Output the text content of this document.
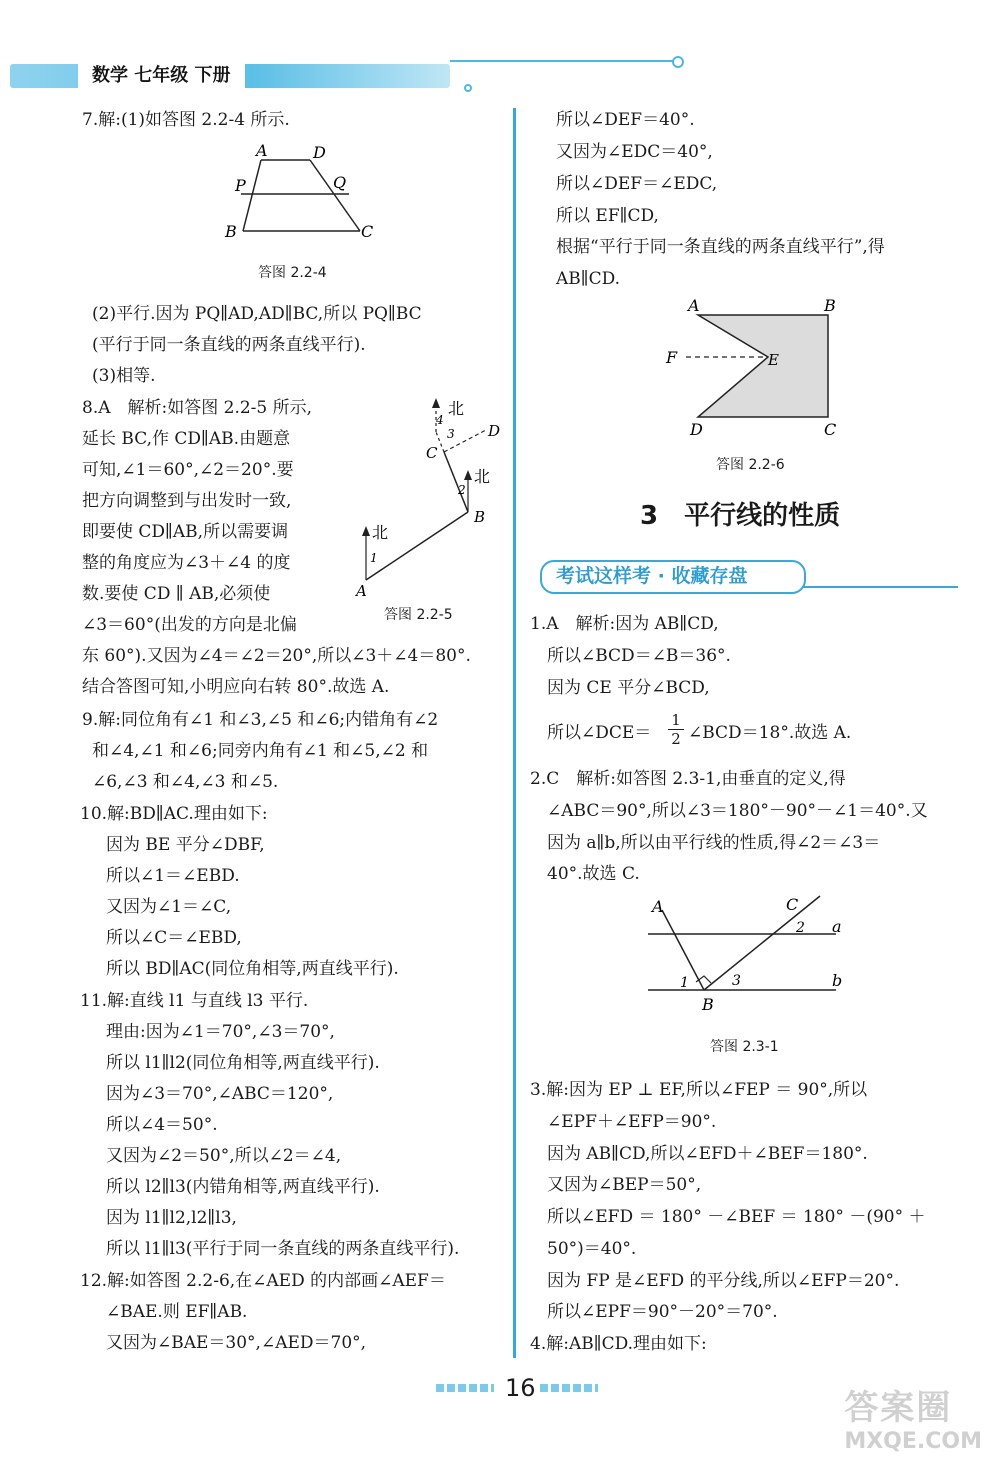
数学 七年级 下册
7.解:(1)如答图 2.2-4 所示.
A	D
P	Q
B	C
答图 2.2-4
(2)平行.因为 PQ∥AD,AD∥BC,所以 PQ∥BC
(平行于同一条直线的两条直线平行).
(3)相等.
8.A　解析:如答图 2.2-5 所示,
延长 BC,作 CD∥AB.由题意
可知,∠1＝60°,∠2＝20°.要
把方向调整到与出发时一致,
即要使 CD∥AB,所以需要调
整的角度应为∠3＋∠4 的度
数.要使 CD ∥ AB,必须使
∠3＝60°(出发的方向是北偏
东 60°).又因为∠4＝∠2＝20°,所以∠3＋∠4＝80°.
结合答图可知,小明应向右转 80°.故选 A.
北
北
北
A
B
C
D
1
2
3
4
答图 2.2-5
9.解:同位角有∠1 和∠3,∠5 和∠6;内错角有∠2
和∠4,∠1 和∠6;同旁内角有∠1 和∠5,∠2 和
∠6,∠3 和∠4,∠3 和∠5.
10.解:BD∥AC.理由如下:
因为 BE 平分∠DBF,
所以∠1＝∠EBD.
又因为∠1＝∠C,
所以∠C＝∠EBD,
所以 BD∥AC(同位角相等,两直线平行).
11.解:直线 l1 与直线 l3 平行.
理由:因为∠1＝70°,∠3＝70°,
所以 l1∥l2(同位角相等,两直线平行).
因为∠3＝70°,∠ABC＝120°,
所以∠4＝50°.
又因为∠2＝50°,所以∠2＝∠4,
所以 l2∥l3(内错角相等,两直线平行).
因为 l1∥l2,l2∥l3,
所以 l1∥l3(平行于同一条直线的两条直线平行).
12.解:如答图 2.2-6,在∠AED 的内部画∠AEF＝
∠BAE.则 EF∥AB.
又因为∠BAE＝30°,∠AED＝70°,
所以∠DEF＝40°.
又因为∠EDC＝40°,
所以∠DEF＝∠EDC,
所以 EF∥CD,
根据“平行于同一条直线的两条直线平行”,得
AB∥CD.
A	B
F	E
D	C
答图 2.2-6
3　平行线的性质
考试这样考 · 收藏存盘
1.A　解析:因为 AB∥CD,
所以∠BCD＝∠B＝36°.
因为 CE 平分∠BCD,
所以∠DCE＝ $\frac{1}{2}$ ∠BCD＝18°.故选 A.
2.C　解析:如答图 2.3-1,由垂直的定义,得
∠ABC＝90°,所以∠3＝180°－90°－∠1＝40°.又
因为 a∥b,所以由平行线的性质,得∠2＝∠3＝
40°.故选 C.
A	C
B
a
b
1
2
3
答图 2.3-1
3.解:因为 EP ⊥ EF,所以∠FEP ＝ 90°,所以
∠EPF＋∠EFP＝90°.
因为 AB∥CD,所以∠EFD＋∠BEF＝180°.
又因为∠BEP＝50°,
所以∠EFD ＝ 180° －∠BEF ＝ 180° －(90° ＋
50°)＝40°.
因为 FP 是∠EFD 的平分线,所以∠EFP＝20°.
所以∠EPF＝90°－20°＝70°.
4.解:AB∥CD.理由如下:
16	答案圈
MXQE.COM
